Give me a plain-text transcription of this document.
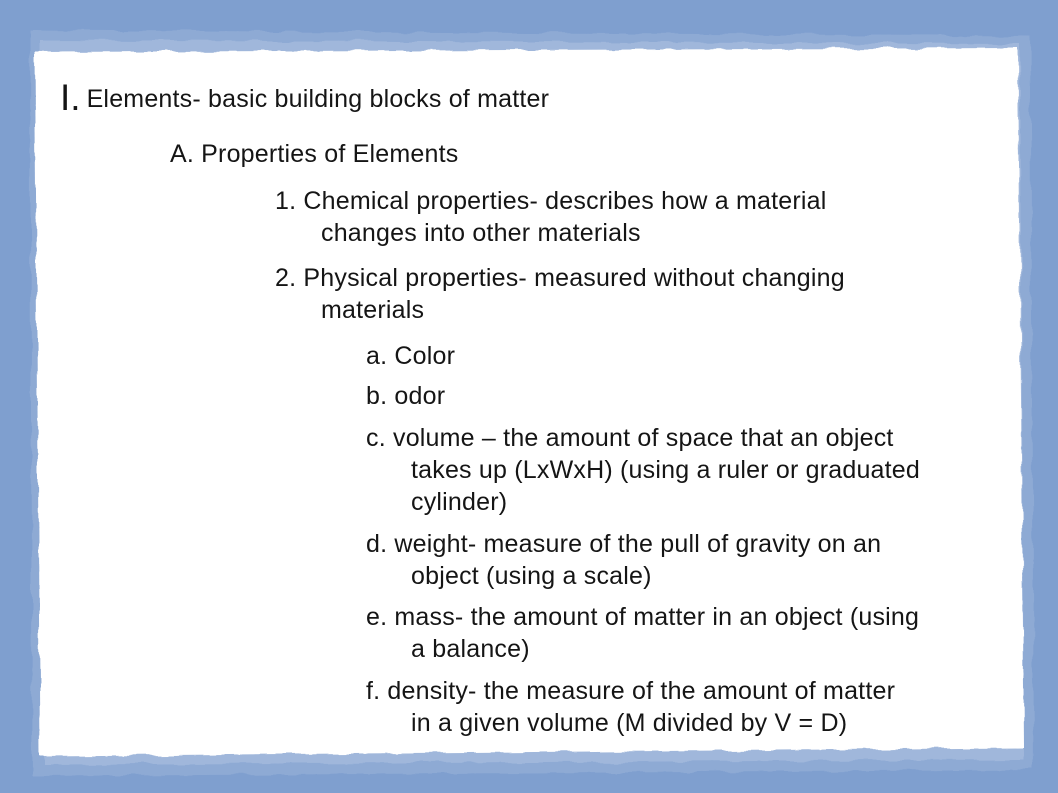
I. Elements- basic building blocks of matter
A. Properties of Elements
1. Chemical properties- describes how a material
changes into other materials
2. Physical properties- measured without changing
materials
a. Color
b. odor
c. volume – the amount of space that an object
takes up (LxWxH) (using a ruler or graduated
cylinder)
d. weight- measure of the pull of gravity on an
object (using a scale)
e. mass- the amount of matter in an object (using
a balance)
f. density- the measure of the amount of matter
in a given volume (M divided by V = D)
